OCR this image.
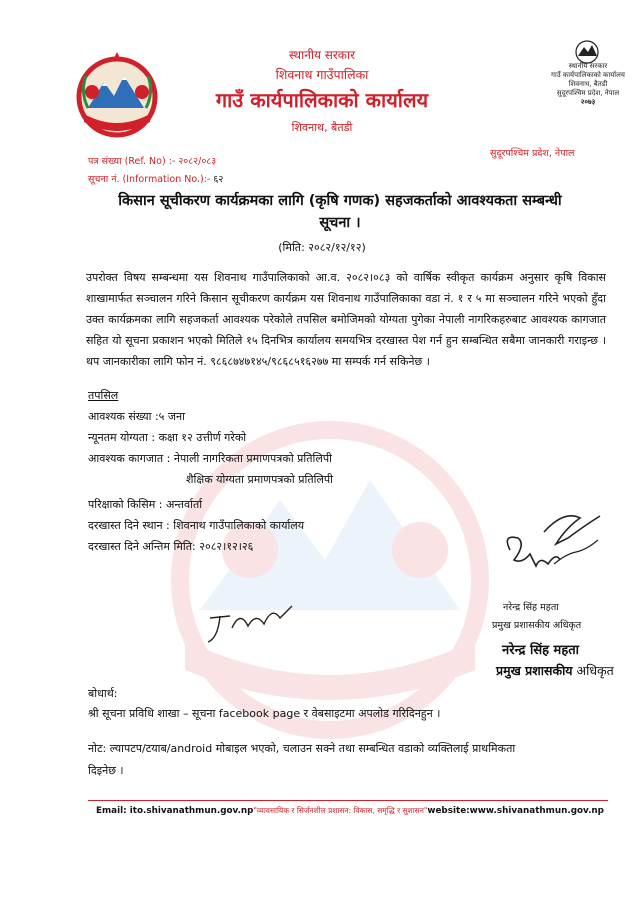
स्थानीय सरकार
शिवनाथ गाउँपालिका
गाउँ कार्यपालिकाको कार्यालय
शिवनाथ, बैतडी
स्थानीय सरकार
गाउँ कार्यपालिकाको कार्यालय
शिवनाथ, बैतडी
सुदूरपश्चिम प्रदेश, नेपाल
२०७३
सुदूरपश्चिम प्रदेश, नेपाल
पत्र संख्या (Ref. No) :- २०८२/०८३
सूचना नं. (Information No.):- ६२
किसान सूचीकरण कार्यक्रमका लागि (कृषि गणक) सहजकर्ताको आवश्यकता सम्बन्धी
सूचना ।
(मिति: २०८२/१२/१२)
उपरोक्त विषय सम्बन्धमा यस शिवनाथ गाउँपालिकाको आ.व. २०८२।०८३ को वार्षिक स्वीकृत कार्यक्रम अनुसार कृषि विकास शाखामार्फत सञ्चालन गरिने किसान सूचीकरण कार्यक्रम यस शिवनाथ गाउँपालिकाका वडा नं. १ र ५ मा सञ्चालन गरिने भएको हुँदा उक्त कार्यक्रमका लागि सहजकर्ता आवश्यक परेकोले तपसिल बमोजिमको योग्यता पुगेका नेपाली नागरिकहरुबाट आवश्यक कागजात सहित यो सूचना प्रकाशन भएको मितिले १५ दिनभित्र कार्यालय समयभित्र दरखास्त पेश गर्न हुन सम्बन्धित सबैमा जानकारी गराइन्छ । थप जानकारीका लागि फोन नं. ९८६८७४७१४५/९८६८५१६२७७ मा सम्पर्क गर्न सकिनेछ ।
तपसिल
आवश्यक संख्या :५ जना
न्यूनतम योग्यता : कक्षा १२ उत्तीर्ण गरेको
आवश्यक कागजात : नेपाली नागरिकता प्रमाणपत्रको प्रतिलिपी
शैक्षिक योग्यता प्रमाणपत्रको प्रतिलिपी
परिक्षाको किसिम : अन्तर्वार्ता
दरखास्त दिने स्थान : शिवनाथ गाउँपालिकाको कार्यालय
दरखास्त दिने अन्तिम मिति: २०८२।१२।२६
नरेन्द्र सिंह महता
प्रमुख प्रशासकीय अधिकृत
नरेन्द्र सिंह महता
प्रमुख प्रशासकीय अधिकृत
बोधार्थ:
श्री सूचना प्रविधि शाखा – सूचना facebook page र वेबसाइटमा अपलोड गरिदिनहुन ।
नोट: ल्यापटप/टयाब/android मोबाइल भएको, चलाउन सक्ने तथा सम्बन्धित वडाको व्यक्तिलाई प्राथमिकता
दिइनेछ ।
Email: ito.shivanathmun.gov.np"व्यावसायिक र सिर्जनशील प्रशासन: विकास, समृद्धि र सुशासन"website:www.shivanathmun.gov.np
